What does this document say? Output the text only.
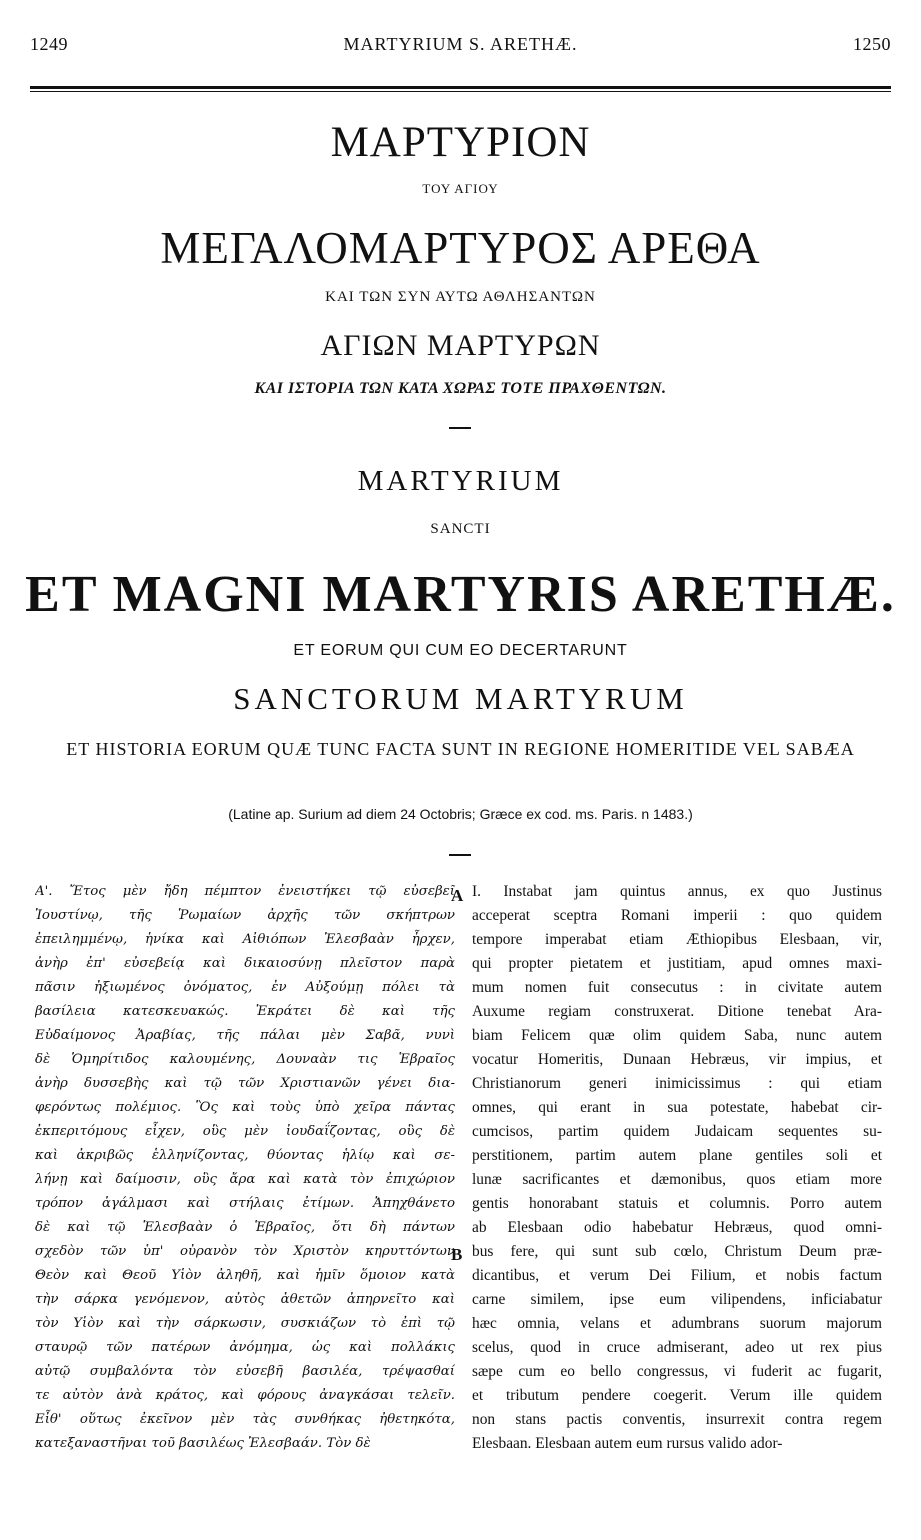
1249	MARTYRIUM S. ARETHÆ.	1250
ΜΑΡΤΥΡΙΟΝ
ΤΟΥ ΑΓΙΟΥ
ΜΕΓΑΛΟΜΑΡΤΥΡΟΣ ΑΡΕΘΑ
ΚΑΙ ΤΩΝ ΣΥΝ ΑΥΤΩ ΑΘΛΗΣΑΝΤΩΝ
ΑΓΙΩΝ ΜΑΡΤΥΡΩΝ
ΚΑΙ ΙΣΤΟΡΙΑ ΤΩΝ ΚΑΤΑ ΧΩΡΑΣ ΤΟΤΕ ΠΡΑΧΘΕΝΤΩΝ.
MARTYRIUM
SANCTI
ET MAGNI MARTYRIS ARETHÆ.
ET EORUM QUI CUM EO DECERTARUNT
SANCTORUM MARTYRUM
ET HISTORIA EORUM QUÆ TUNC FACTA SUNT IN REGIONE HOMERITIDE VEL SABÆA
(Latine ap. Surium ad diem 24 Octobris; Græce ex cod. ms. Paris. n 1483.)
Α'. Ἔτος μὲν ἤδη πέμπτον ἐνειστήκει τῷ εὐσεβεῖ
Ἰουστίνῳ, τῆς Ῥωμαίων ἀρχῆς τῶν σκήπτρων
ἐπειλημμένῳ, ἡνίκα καὶ Αἰθιόπων Ἐλεσβαὰν ἦρχεν,
ἀνὴρ ἐπ' εὐσεβείᾳ καὶ δικαιοσύνῃ πλεῖστον παρὰ
πᾶσιν ἠξιωμένος ὀνόματος, ἐν Αὐξούμῃ πόλει τὰ
βασίλεια κατεσκευακώς. Ἐκράτει δὲ καὶ τῆς
Εὐδαίμονος Ἀραβίας, τῆς πάλαι μὲν Σαβᾶ, νυνὶ
δὲ Ὁμηρίτιδος καλουμένης, Δουναὰν τις Ἑβραῖος
ἀνὴρ δυσσεβὴς καὶ τῷ τῶν Χριστιανῶν γένει δια-
φερόντως πολέμιος. Ὃς καὶ τοὺς ὑπὸ χεῖρα πάντας
ἐκπεριτόμους εἶχεν, οὓς μὲν ἰουδαΐζοντας, οὓς δὲ
καὶ ἀκριβῶς ἑλληνίζοντας, θύοντας ἡλίῳ καὶ σε-
λήνῃ καὶ δαίμοσιν, οὓς ἄρα καὶ κατὰ τὸν ἐπιχώριον
τρόπον ἀγάλμασι καὶ στήλαις ἐτίμων. Ἀπηχθάνετο
δὲ καὶ τῷ Ἐλεσβαὰν ὁ Ἑβραῖος, ὅτι δὴ πάντων
σχεδὸν τῶν ὑπ' οὐρανὸν τὸν Χριστὸν κηρυττόντων
Θεὸν καὶ Θεοῦ Υἱὸν ἀληθῆ, καὶ ἡμῖν ὅμοιον κατὰ
τὴν σάρκα γενόμενον, αὐτὸς ἀθετῶν ἀπηρνεῖτο καὶ
τὸν Υἱὸν καὶ τὴν σάρκωσιν, συσκιάζων τὸ ἐπὶ τῷ
σταυρῷ τῶν πατέρων ἀνόμημα, ὡς καὶ πολλάκις
αὐτῷ συμβαλόντα τὸν εὐσεβῆ βασιλέα, τρέψασθαί
τε αὐτὸν ἀνὰ κράτος, καὶ φόρους ἀναγκάσαι τελεῖν.
Εἶθ' οὕτως ἐκεῖνον μὲν τὰς συνθήκας ἠθετηκότα,
κατεξαναστῆναι τοῦ βασιλέως Ἐλεσβαάν. Τὸν δὲ
A
B
I. Instabat jam quintus annus, ex quo Justinus
acceperat sceptra Romani imperii : quo quidem
tempore imperabat etiam Æthiopibus Elesbaan, vir,
qui propter pietatem et justitiam, apud omnes maxi-
mum nomen fuit consecutus : in civitate autem
Auxume regiam construxerat. Ditione tenebat Ara-
biam Felicem quæ olim quidem Saba, nunc autem
vocatur Homeritis, Dunaan Hebræus, vir impius, et
Christianorum generi inimicissimus : qui etiam
omnes, qui erant in sua potestate, habebat cir-
cumcisos, partim quidem Judaicam sequentes su-
perstitionem, partim autem plane gentiles soli et
lunæ sacrificantes et dæmonibus, quos etiam more
gentis honorabant statuis et columnis. Porro autem
ab Elesbaan odio habebatur Hebræus, quod omni-
bus fere, qui sunt sub cœlo, Christum Deum præ-
dicantibus, et verum Dei Filium, et nobis factum
carne similem, ipse eum vilipendens, inficiabatur
hæc omnia, velans et adumbrans suorum majorum
scelus, quod in cruce admiserant, adeo ut rex pius
sæpe cum eo bello congressus, vi fuderit ac fugarit,
et tributum pendere coegerit. Verum ille quidem
non stans pactis conventis, insurrexit contra regem
Elesbaan. Elesbaan autem eum rursus valido ador-
